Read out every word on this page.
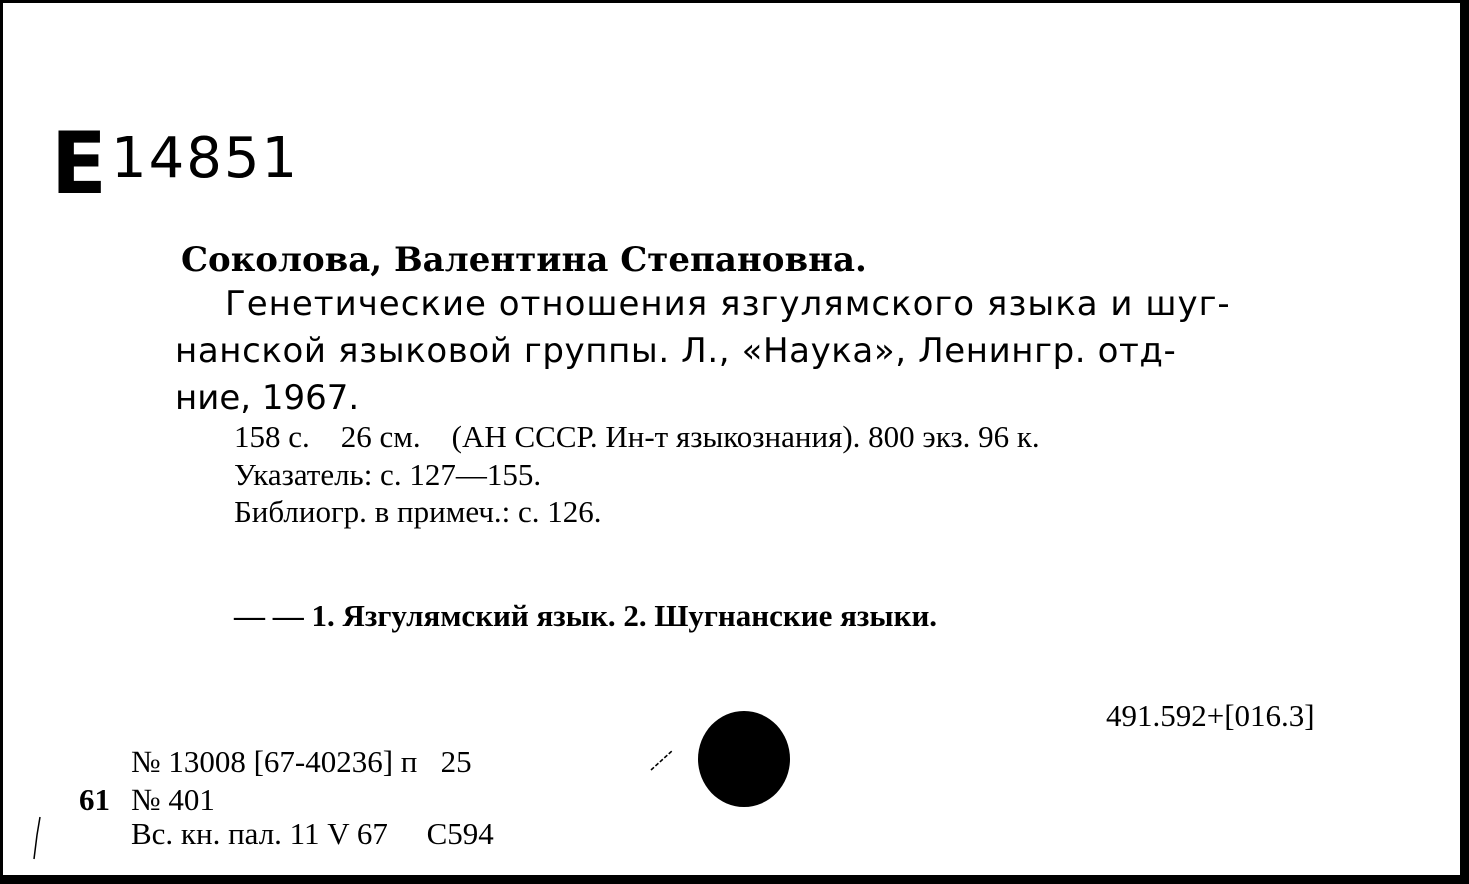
Е 14851
Соколова, Валентина Степановна.
Генетические отношения язгулямского языка и шуг-
нанской языковой группы. Л., «Наука», Ленингр. отд-
ние, 1967.
158 с.    26 см.    (АН СССР. Ин-т языкознания). 800 экз. 96 к.
Указатель: с. 127—155.
Библиогр. в примеч.: с. 126.
— — 1. Язгулямский язык. 2. Шугнанские языки.
491.592+[016.3]
№ 13008 [67-40236] п   25
61 № 401
Вс. кн. пал. 11 V 67     С594
